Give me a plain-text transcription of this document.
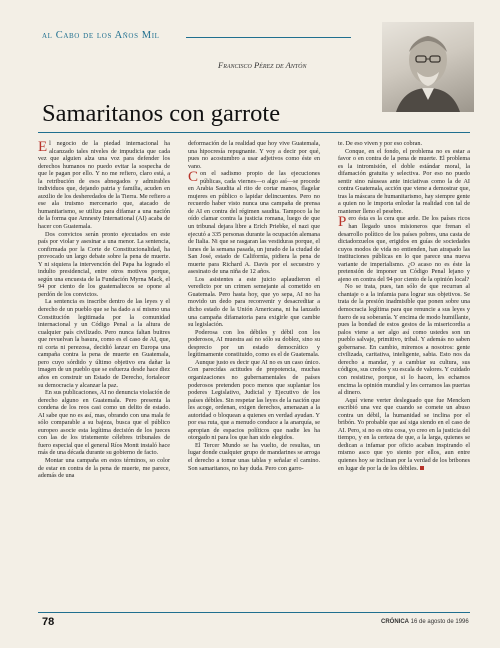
al Cabo de los Años Mil
Francisco Pérez de Antón
Samaritanos con garrote

El negocio de la piedad internacional ha alcanzado tales niveles de impudicia que cada vez que alguien alza una voz para defender los derechos humanos no puedo evitar la sospecha de que le pagan por ello. Y no me refiero, claro está, a la retribución de esos abnegados y admirables individuos que, dejando patria y familia, acuden en auxilio de los desheredados de la Tierra. Me refiero a ese ala truismo mercenario que, atacado de humanitarismo, se utiliza para difamar a una nación de la forma que Amnesty International (AI) acaba de hacer con Guatemala.

Dos convictos serán pronto ejecutados en este país por violar y asesinar a una menor. La sentencia, confirmada por la Corte de Constitucionalidad, ha provocado un largo debate sobre la pena de muerte. Y ni siquiera la intervención del Papa ha logrado el indulto presidencial, entre otros motivos porque, según una encuesta de la Fundación Myrna Mack, el 94 por ciento de los guatemaltecos se opone al perdón de los convictos.

La sentencia es inscribe dentro de las leyes y el derecho de un pueblo que se ha dado a sí mismo una Constitución legitimada por la comunidad internacional y un Código Penal a la altura de cualquier país civilizado. Pero nunca faltan buitres que revuelvan la basura, como es el caso de AI, que, ni corta ni perezosa, decidió lanzar en Europa una campaña contra la pena de muerte en Guatemala, pero cuyo sórdido y último objetivo era dañar la imagen de un pueblo que se esfuerza desde hace diez años en construir un Estado de Derecho, fortalecer su democracia y alcanzar la paz.

En sus publicaciones, AI no denuncia violación de derecho alguno en Guatemala. Pero presenta la condena de los reos casi como un delito de estado. AI sabe que no es así, mas, obrando con una mala fe sólo comparable a su bajeza, busca que el público europeo asocie esta legítima decisión de los jueces con las de los tristemente célebres tribunales de fuero especial que el general Ríos Montt instaló hace más de una década durante su gobierno de facto.

Montar una campaña en estos términos, so color de estar en contra de la pena de muerte, me parece, además de una

deformación de la realidad que hoy vive Guatemala, una hipocresía repugnante. Y voy a decir por qué, pues no acostumbro a usar adjetivos como éste en vano.

Con el sadismo propio de las ejecuciones públicas, cada viernes—o algo así—se procede en Arabia Saudita al rito de cortar manos, flagelar mujeres en público o lapidar delincuentes. Pero no recuerdo haber visto nunca una campaña de prensa de AI en contra del régimen saudita. Tampoco la he oído clamar contra la justicia romana, luego de que un tribunal dejara libre a Erich Priebke, el nazi que ejecutó a 335 personas durante la ocupación alemana de Italia. Ni que se rasgaran las vestiduras porque, el lunes de la semana pasada, un jurado de la ciudad de San José, estado de California, pidiera la pena de muerte para Richard A. Davis por el secuestro y asesinato de una niña de 12 años.

Los asistentes a este juicio aplaudieron el veredicto por un crimen semejante al cometido en Guatemala. Pero hasta hoy, que yo sepa, AI no ha movido un dedo para reconvenir y desacreditar a dicho estado de la Unión Americana, ni ha lanzado una campaña difamatoria para exigirle que cambie su legislación.

Poderosa con los débiles y débil con los poderosos, AI muestra así no sólo su doblez, sino su desprecio por un estado democrático y legítimamente constituido, como es el de Guatemala.

Aunque justo es decir que AI no es un caso único. Con parecidas actitudes de prepotencia, muchas organizaciones no gubernamentales de países poderosos pretenden poco menos que suplantar los poderes Legislativo, Judicial y Ejecutivo de los países débiles. Sin respetar las leyes de la nación que les acoge, ordenan, exigen derechos, amenazan a la autoridad o bloquean a quienes en verdad ayudan. Y por esa ruta, que a menudo conduce a la anarquía, se apropian de espacios políticos que nadie les ha otorgado ni para los que han sido elegidos.

El Tercer Mundo se ha vuelto, de resultas, un lugar donde cualquier grupo de mandarines se arroga el derecho a tomar unas tablas y señalar el camino. Son samaritanos, no hay duda. Pero con garro-

te. De eso viven y por eso cobran.

Conque, en el fondo, el problema no es estar a favor o en contra de la pena de muerte. El problema es la intromisión, el doble estándar moral, la difamación gratuita y selectiva. Por eso no puedo sentir sino náuseas ante iniciativas como la de AI contra Guatemala, acción que viene a demostrar que, tras la máscara de humanitarismo, hay siempre gente a quien no le importa enlodar la realidad con tal de mantener lleno el pesebre.

Pero ésta es la cera que arde. De los países ricos han llegado unos misioneros que frenan el desarrollo político de los países pobres, una casta de dictadorzuelos que, erigidos en guías de sociedades cuyos modos de vida no entienden, han atrapado las instituciones públicas en lo que parece una nueva variante de imperialismo. ¿O acaso no es éste la pretensión de imponer un Código Penal lejano y ajeno en contra del 94 por ciento de la opinión local?

No se trata, pues, tan sólo de que recurran al chantaje o a la infamia para lograr sus objetivos. Se trata de la presión inadmisible que ponen sobre una democracia legítima para que renuncie a sus leyes y fuero de su soberanía. Y encima de modo humillante, pues la bondad de estos gestos de la misericordia a palos viene a ser algo así como ustedes son un pueblo salvaje, primitivo, tribal. Y además no saben gobernarse. En cambio, miremos a nosotros: gente civilizada, caritativa, inteligente, sabia. Esto nos da derecho a mandar, y a cambiar su cultura, sus códigos, sus credos y su escala de valores. Y cuidado con resistirse, porque, si lo hacen, les echamos encima la opinión mundial y les cerramos las puertas al dinero.

Aquí viene verter desleguado que fue Mencken escribió una vez que cuando se comete un abuso contra un débil, la humanidad se inclina por el bribón. Yo probable que así siga siendo en el caso de AI. Pero, si no es otra cosa, yo creo en la justicia del tiempo, y en la certeza de que, a la larga, quienes se dedican a infamar por oficio acaban inspirando el mismo asco que yo siento por ellos, aun entre quienes hoy se inclinan por la verdad de los bribones en lugar de por la de los débiles.

78	CRÓNICA 16 de agosto de 1996
